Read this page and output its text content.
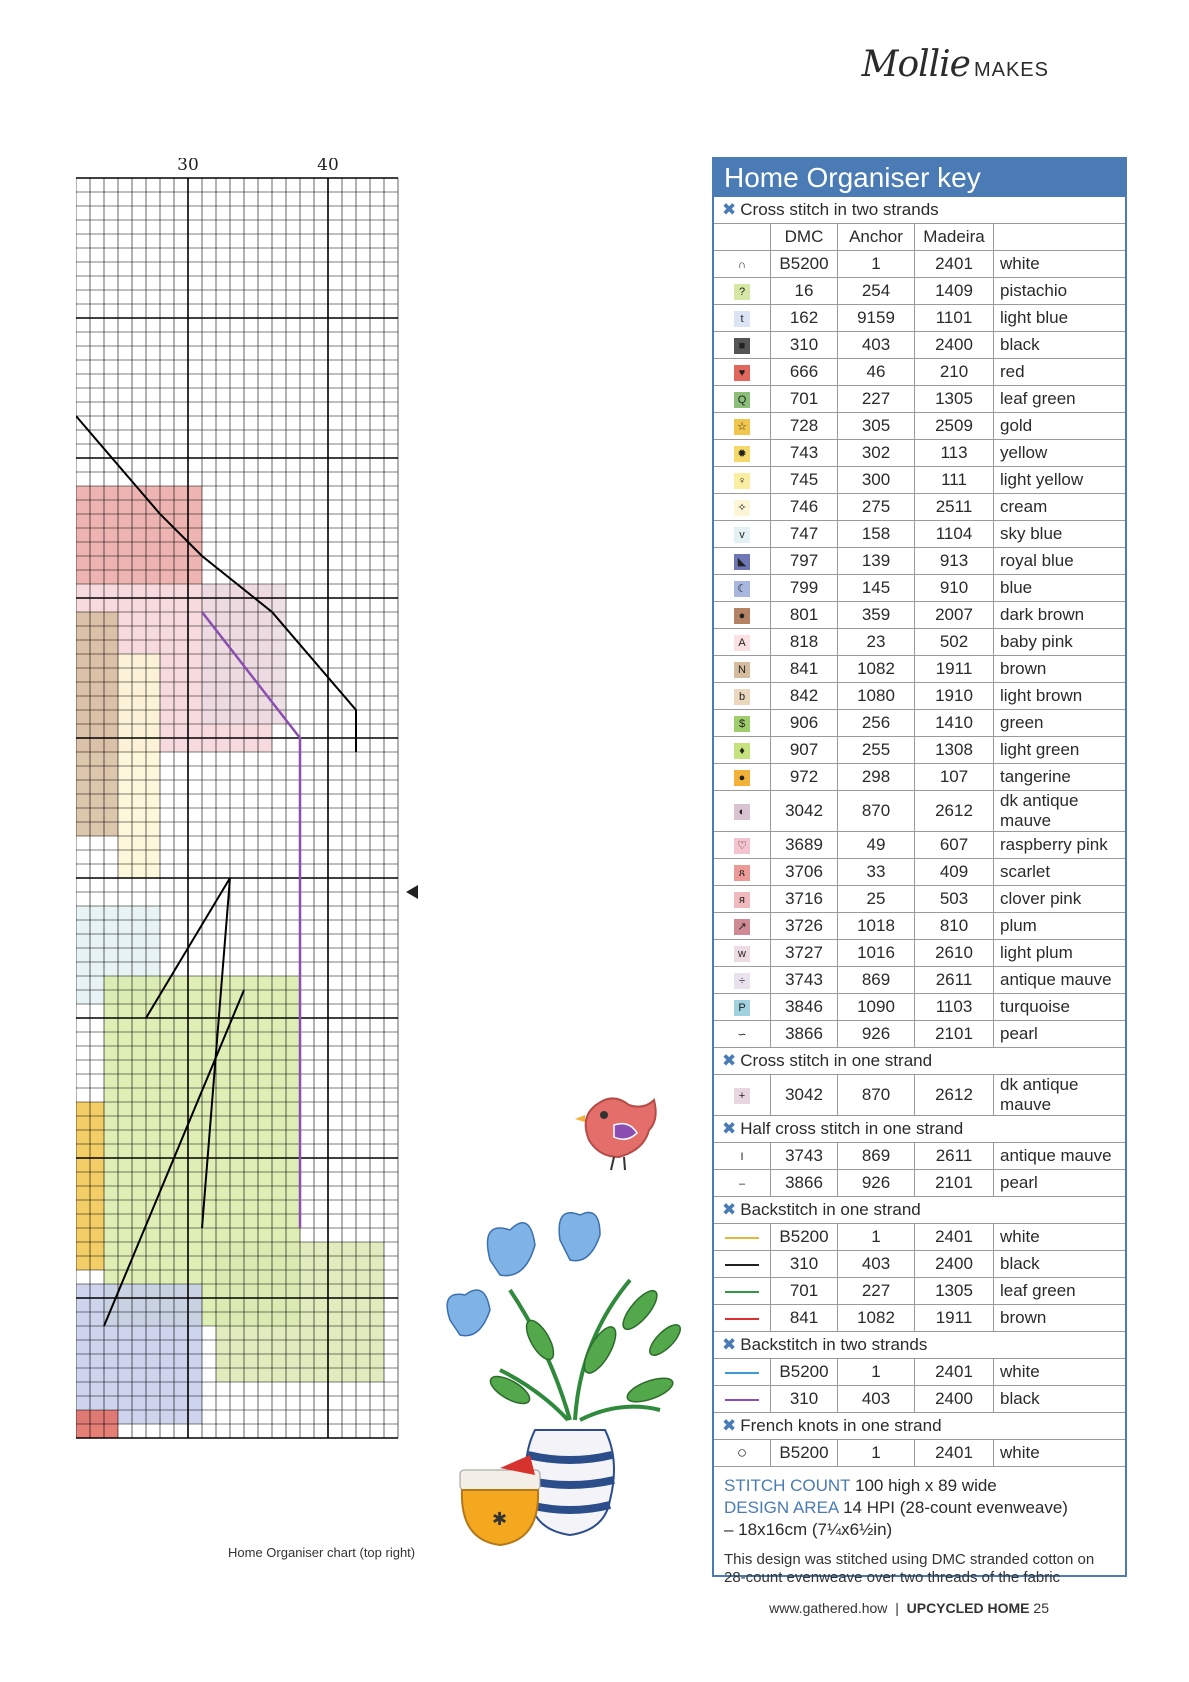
Mollie MAKES
30	40
Home Organiser chart (top right)
✱
Home Organiser key
✖ Cross stitch in two strands				
	DMC	Anchor	Madeira	
∩	B5200	1	2401	white
?	16	254	1409	pistachio
t	162	9159	1101	light blue
■	310	403	2400	black
♥	666	46	210	red
Q	701	227	1305	leaf green
☆	728	305	2509	gold
✹	743	302	113	yellow
♀	745	300	111	light yellow
✧	746	275	2511	cream
v	747	158	1104	sky blue
◣	797	139	913	royal blue
☾	799	145	910	blue
●	801	359	2007	dark brown
A	818	23	502	baby pink
N	841	1082	1911	brown
b	842	1080	1910	light brown
$	906	256	1410	green
♦	907	255	1308	light green
●	972	298	107	tangerine
◐	3042	870	2612	dk antique mauve
♡	3689	49	607	raspberry pink
ጸ	3706	33	409	scarlet
я	3716	25	503	clover pink
↗	3726	1018	810	plum
w	3727	1016	2610	light plum
÷	3743	869	2611	antique mauve
P	3846	1090	1103	turquoise
∽	3866	926	2101	pearl
✖ Cross stitch in one strand				
+	3042	870	2612	dk antique mauve
✖ Half cross stitch in one strand				
I	3743	869	2611	antique mauve
–	3866	926	2101	pearl
✖ Backstitch in one strand				
	B5200	1	2401	white
	310	403	2400	black
	701	227	1305	leaf green
	841	1082	1911	brown
✖ Backstitch in two strands				
	B5200	1	2401	white
	310	403	2400	black
✖ French knots in one strand				
○	B5200	1	2401	white
STITCH COUNT 100 high x 89 wide
DESIGN AREA 14 HPI (28-count evenweave)
– 18x16cm (7¼x6½in)
This design was stitched using DMC stranded cotton on 28-count evenweave over two threads of the fabric
www.gathered.how  |  UPCYCLED HOME 25
